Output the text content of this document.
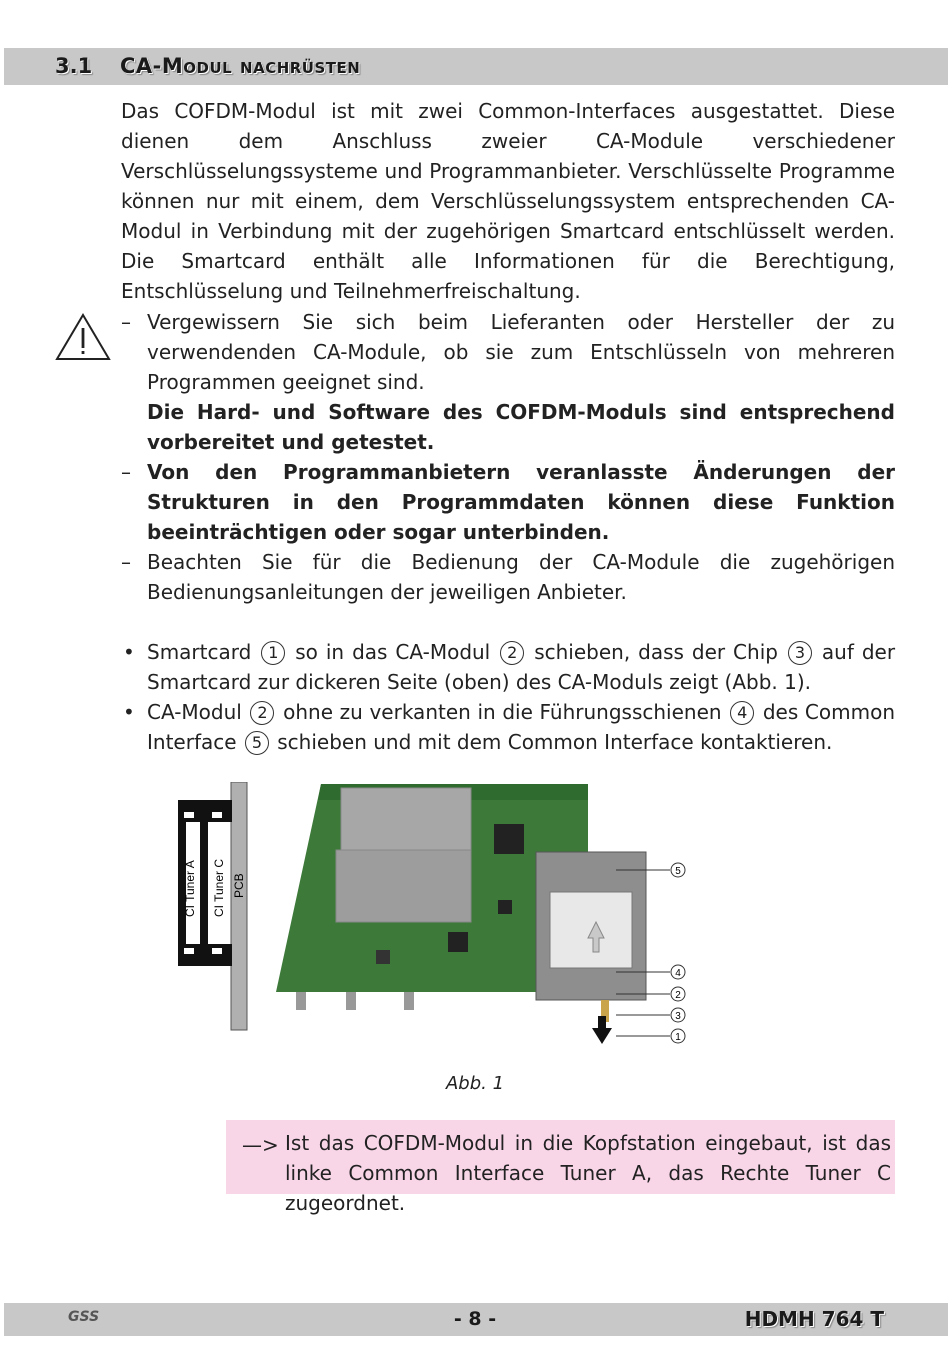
3.1 CA-Modul nachrüsten

Das COFDM-Modul ist mit zwei Common-Interfaces ausgestattet. Diese dienen dem Anschluss zweier CA-Module verschiedener Verschlüsselungssysteme und Programmanbieter. Verschlüsselte Programme können nur mit einem, dem Verschlüsselungssystem entsprechenden CA-Modul in Verbindung mit der zugehörigen Smartcard entschlüsselt werden. Die Smartcard enthält alle Informationen für die Berechtigung, Entschlüsselung und Teilnehmerfreischaltung.

– Vergewissern Sie sich beim Lieferanten oder Hersteller der zu verwendenden CA-Module, ob sie zum Entschlüsseln von mehreren Programmen geeignet sind.
Die Hard- und Software des COFDM-Moduls sind entsprechend vorbereitet und getestet.
– Von den Programmanbietern veranlasste Änderungen der Strukturen in den Programmdaten können diese Funktion beeinträchtigen oder sogar unterbinden.
– Beachten Sie für die Bedienung der CA-Module die zugehörigen Bedienungsanleitungen der jeweiligen Anbieter.
• Smartcard 1 so in das CA-Modul 2 schieben, dass der Chip 3 auf der Smartcard zur dickeren Seite (oben) des CA-Moduls zeigt (Abb. 1).
• CA-Modul 2 ohne zu verkanten in die Führungsschienen 4 des Common Interface 5 schieben und mit dem Common Interface kontaktieren.
CI Tuner A CI Tuner C PCB
5
4
2
3
1
Abb. 1
—> Ist das COFDM-Modul in die Kopfstation eingebaut, ist das linke Common Interface Tuner A, das Rechte Tuner C zugeordnet.

GSS	- 8 -	HDMH 764 T
